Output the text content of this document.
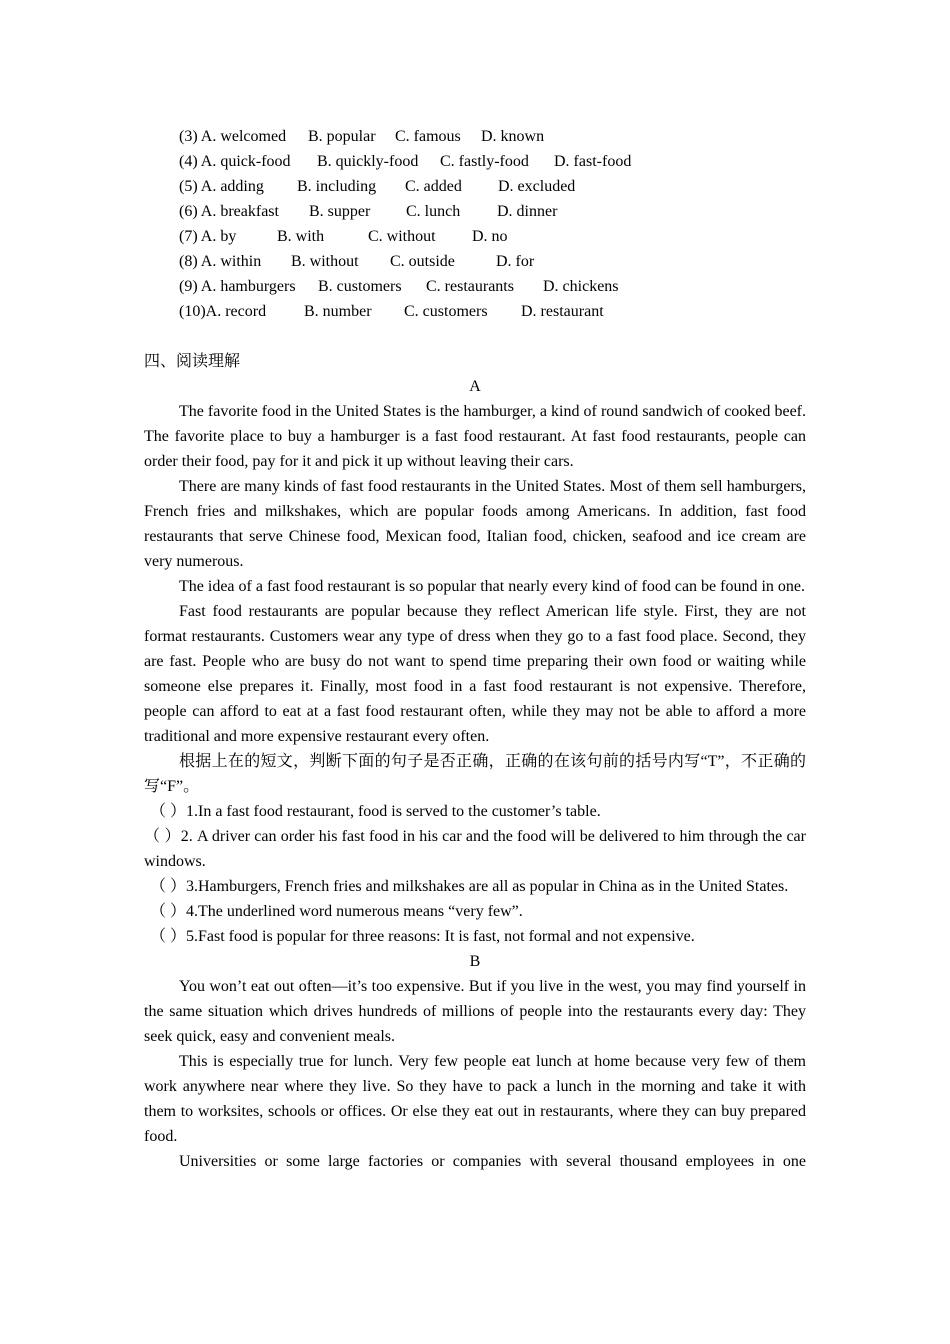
(3) A. welcomed B. popular C. famous D. known
(4) A. quick-food B. quickly-food C. fastly-food D. fast-food
(5) A. adding B. including C. added D. excluded
(6) A. breakfast B. supper C. lunch D. dinner
(7) A. by	B. with	C. without D. no
(8) A. within B. without C. outside	D. for
(9) A. hamburgers B. customers C. restaurants D. chickens
(10)A. record B. number C. customers D. restaurant
四、阅读理解
A
The favorite food in the United States is the hamburger, a kind of round sandwich of cooked beef. The favorite place to buy a hamburger is a fast food restaurant. At fast food restaurants, people can order their food, pay for it and pick it up without leaving their cars.
There are many kinds of fast food restaurants in the United States. Most of them sell hamburgers, French fries and milkshakes, which are popular foods among Americans. In addition, fast food restaurants that serve Chinese food, Mexican food, Italian food, chicken, seafood and ice cream are very numerous.
The idea of a fast food restaurant is so popular that nearly every kind of food can be found in one.
Fast food restaurants are popular because they reflect American life style. First, they are not format restaurants. Customers wear any type of dress when they go to a fast food place. Second, they are fast. People who are busy do not want to spend time preparing their own food or waiting while someone else prepares it. Finally, most food in a fast food restaurant is not expensive. Therefore, people can afford to eat at a fast food restaurant often, while they may not be able to afford a more traditional and more expensive restaurant every often.
根据上在的短文，判断下面的句子是否正确，正确的在该句前的括号内写“T”，不正确的写“F”。
（ ）1.In a fast food restaurant, food is served to the customer’s table.
（ ）2. A driver can order his fast food in his car and the food will be delivered to him through the car windows.
（ ）3.Hamburgers, French fries and milkshakes are all as popular in China as in the United States.
（ ）4.The underlined word numerous means “very few”.
（ ）5.Fast food is popular for three reasons: It is fast, not formal and not expensive.
B
You won’t eat out often—it’s too expensive. But if you live in the west, you may find yourself in the same situation which drives hundreds of millions of people into the restaurants every day: They seek quick, easy and convenient meals.
This is especially true for lunch. Very few people eat lunch at home because very few of them work anywhere near where they live. So they have to pack a lunch in the morning and take it with them to worksites, schools or offices. Or else they eat out in restaurants, where they can buy prepared food.
Universities or some large factories or companies with several thousand employees in one
